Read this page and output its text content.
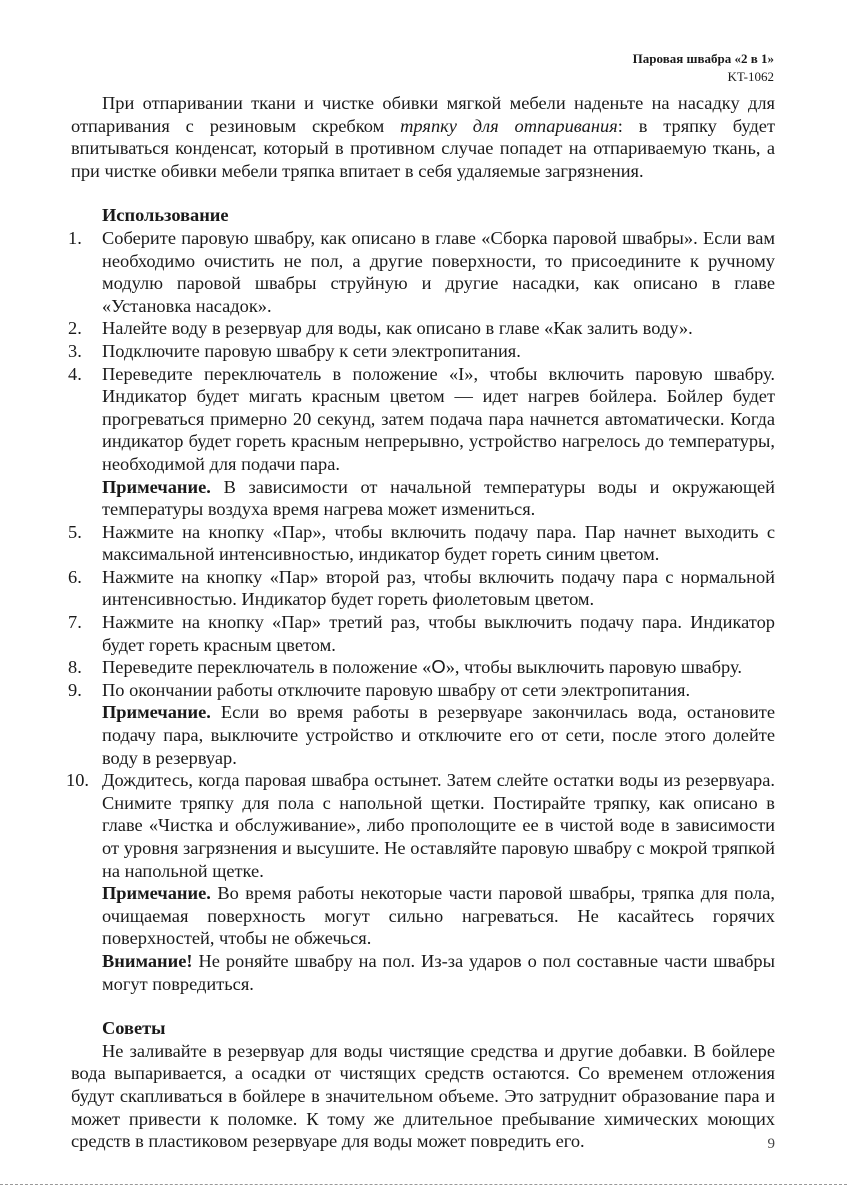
Паровая швабра «2 в 1»
KT-1062

При отпаривании ткани и чистке обивки мягкой мебели наденьте на насадку для отпаривания с резиновым скребком тряпку для отпаривания: в тряпку будет впитываться конденсат, который в противном случае попадет на отпариваемую ткань, а при чистке обивки мебели тряпка впитает в себя удаляемые загрязнения.

Использование

1.	Соберите паровую швабру, как описано в главе «Сборка паровой швабры». Если вам необходимо очистить не пол, а другие поверхности, то присоедините к ручному модулю паровой швабры струйную и другие насадки, как описано в главе «Установка насадок».
2.	Налейте воду в резервуар для воды, как описано в главе «Как залить воду».
3.	Подключите паровую швабру к сети электропитания.
4.	Переведите переключатель в положение «I», чтобы включить паровую швабру. Индикатор будет мигать красным цветом — идет нагрев бойлера. Бойлер будет прогреваться примерно 20 секунд, затем подача пара начнется автоматически. Когда индикатор будет гореть красным непрерывно, устройство нагрелось до температуры, необходимой для подачи пара.
Примечание. В зависимости от начальной температуры воды и окружающей температуры воздуха время нагрева может измениться.
5.	Нажмите на кнопку «Пар», чтобы включить подачу пара. Пар начнет выходить с максимальной интенсивностью, индикатор будет гореть синим цветом.
6.	Нажмите на кнопку «Пар» второй раз, чтобы включить подачу пара с нормальной интенсивностью. Индикатор будет гореть фиолетовым цветом.
7.	Нажмите на кнопку «Пар» третий раз, чтобы выключить подачу пара. Индикатор будет гореть красным цветом.
8.	Переведите переключатель в положение «O», чтобы выключить паровую швабру.
9.	По окончании работы отключите паровую швабру от сети электропитания.
Примечание. Если во время работы в резервуаре закончилась вода, остановите подачу пара, выключите устройство и отключите его от сети, после этого долейте воду в резервуар.
10. Дождитесь, когда паровая швабра остынет. Затем слейте остатки воды из резервуара. Снимите тряпку для пола с напольной щетки. Постирайте тряпку, как описано в главе «Чистка и обслуживание», либо прополощите ее в чистой воде в зависимости от уровня загрязнения и высушите. Не оставляйте паровую швабру с мокрой тряпкой на напольной щетке.
Примечание. Во время работы некоторые части паровой швабры, тряпка для пола, очищаемая поверхность могут сильно нагреваться. Не касайтесь горячих поверхностей, чтобы не обжечься.
Внимание! Не роняйте швабру на пол. Из-за ударов о пол составные части швабры могут повредиться.

Советы

Не заливайте в резервуар для воды чистящие средства и другие добавки. В бойлере вода выпаривается, а осадки от чистящих средств остаются. Со временем отложения будут скапливаться в бойлере в значительном объеме. Это затруднит образование пара и может привести к поломке. К тому же длительное пребывание химических моющих средств в пластиковом резервуаре для воды может повредить его.	9
